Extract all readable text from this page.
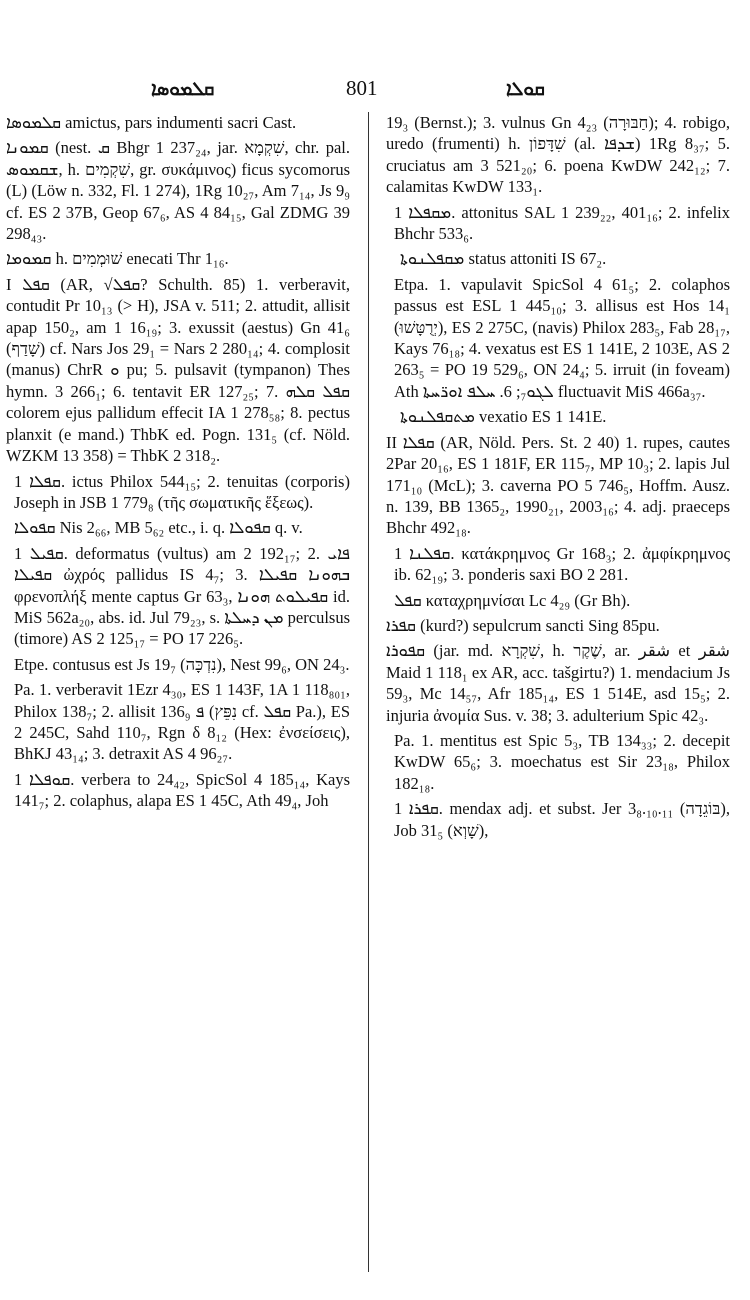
ܩܠܡܘܣܐ	801	ܩܘܠܐ

ܩܠܡܘܣܐ amictus, pars indumenti sacri Cast.

ܩܡܘܢܐ (nest. ܩ Bhgr 1 237₂₄, jar. שִׁקְמָא, chr. pal. ܫܩܡܘܣ, h. שִׁקְמִים, gr. συκάμινος) ficus sycomorus (L) (Löw n. 332, Fl. 1 274), 1Rg 10₂₇, Am 7₁₄, Js 9₉ cf. ES 2 37B, Geop 67₆, AS 4 84₁₅, Gal ZDMG 39 298₄₃.

ܩܡܘܡܐ h. שׁוּמְמִים enecati Thr 1₁₆.

I ܩܦܠ (AR, √ܩܦܠ? Schulth. 85) 1. verberavit, contudit Pr 10₁₃ (> H), JSA v. 511; 2. attudit, allisit apap 150₂, am 1 16₁₉; 3. exussit (aestus) Gn 41₆ (שָׁדַף) cf. Nars Jos 29₁ = Nars 2 280₁₄; 4. complosit (manus) ChrR ܘ pu; 5. pulsavit (tympanon) Thes hymn. 3 266₁; 6. tentavit ER 127₂₅; 7. ܩܦܠ ܩܠܗ colorem ejus pallidum effecit IA 1 278₅₈; 8. pectus planxit (e mand.) ThbK ed. Pogn. 131₅ (cf. Nöld. WZKM 13 358) = ThbK 2 318₂.

ܩܦܠܐ 1. ictus Philox 544₁₅; 2. tenuitas (corporis) Joseph in JSB 1 779₈ (τῆς σωματικῆς ἕξεως).

ܩܦܘܠܐ Nis 2₆₆, MB 5₆₂ etc., i. q. ܩܦܘܠܐ q. v.

ܩܦܝܠ 1. deformatus (vultus) am 2 192₁₇; 2. ܦܐܝ ܩܦܝܠܐ ὠχρός pallidus IS 4₇; 3. ܒܗܘܢܐ ܩܦܝܠܐ φρενοπλήξ mente captus Gr 63₃, ܩܦܝܠܘܬ ܗܘܢܐ id. MiS 562a₂₀, abs. id. Jul 79₂₃, s. ܡܢ ܕܚܠܬܐ perculsus (timore) AS 2 125₁₇ = PO 17 226₅.

Etpe. contusus est Js 19₇ (נִדְכָּה), Nest 99₆, ON 24₃.

Pa. 1. verberavit 1Ezr 4₃₀, ES 1 143F, 1A 1 118₈₀₁, Philox 138₇; 2. allisit ܦ 136₉ (נִפֵּץ cf. ܩܦܠ Pa.), ES 2 245C, Sahd 110₇, Rgn δ 8₁₂ (Hex: ἐνσείσεις), BhKJ 43₁₄; 3. detraxit AS 4 96₂₇.

ܩܘܦܠܐ 1. verbera to 24₄₂, SpicSol 4 185₁₄, Kays 141₇; 2. colaphus, alapa ES 1 45C, Ath 49₄, Joh

19₃ (Bernst.); 3. vulnus Gn 4₂₃ (חַבּוּרָה); 4. robigo, uredo (frumenti) h. שִׁדָּפוֹן (al. ܫܕܦܐ) 1Rg 8₃₇; 5. cruciatus am 3 521₂₀; 6. poena KwDW 242₁₂; 7. calamitas KwDW 133₁.

ܡܩܦܠܐ 1. attonitus SAL 1 239₂₂, 401₁₆; 2. infelix Bhchr 533₆.

ܡܩܦܠܢܘܬܐ status attoniti IS 67₂.

Etpa. 1. vapulavit SpicSol 4 61₅; 2. colaphos passus est ESL 1 445₁₀; 3. allisus est Hos 14₁ (יְרֻטָּשׁוּ), ES 2 275C, (navis) Philox 283₅, Fab 28₁₇, Kays 76₁₈; 4. vexatus est ES 1 141E, 2 103E, AS 2 263₅ = PO 19 529₆, ON 24₄; 5. irruit (in foveam) Ath ܠܓܘ₇; 6. ܚܠܦ ܐܘܪ̈ܚܬܐ fluctuavit MiS 466a₃₇.

ܡܬܩܦܠܢܘܬܐ vexatio ES 1 141E.

II ܩܦܠܐ (AR, Nöld. Pers. St. 2 40) 1. rupes, cautes 2Par 20₁₆, ES 1 181F, ER 115₇, MP 10₃; 2. lapis Jul 171₁₀ (McL); 3. caverna PO 5 746₅, Hoffm. Ausz. n. 139, BB 1365₂, 1990₂₁, 2003₁₆; 4. adj. praeceps Bhchr 492₁₈.

ܩܦܠܢܐ 1. κατάκρημνος Gr 168₃; 2. ἀμφίκρημνος ib. 62₁₉; 3. ponderis saxi BO 2 281.

ܩܦܠ καταχρημνίσαι Lc 4₂₉ (Gr Bh).

ܩܦܪܐ (kurd?) sepulcrum sancti Sing 85pu.

ܩܦܘܪܐ (jar. md. שִׁקְרָא, h. שֶׁקֶר, ar. شقر et شقر Maid 1 118₁ ex AR, acc. tašgirtu?) 1. mendacium Js 59₃, Mc 14₅₇, Afr 185₁₄, ES 1 514E, asd 15₅; 2. injuria ἀνομία Sus. v. 38; 3. adulterium Spic 42₃.

Pa. 1. mentitus est Spic 5₃, TB 134₃₃; 2. decepit KwDW 65₆; 3. moechatus est Sir 23₁₈, Philox 182₁₈.

ܩܦܪܐ 1. mendax adj. et subst. Jer 3₈.₁₀.₁₁ (בּוֹגֵדָה), Job 31₅ (שָׁוְא),
